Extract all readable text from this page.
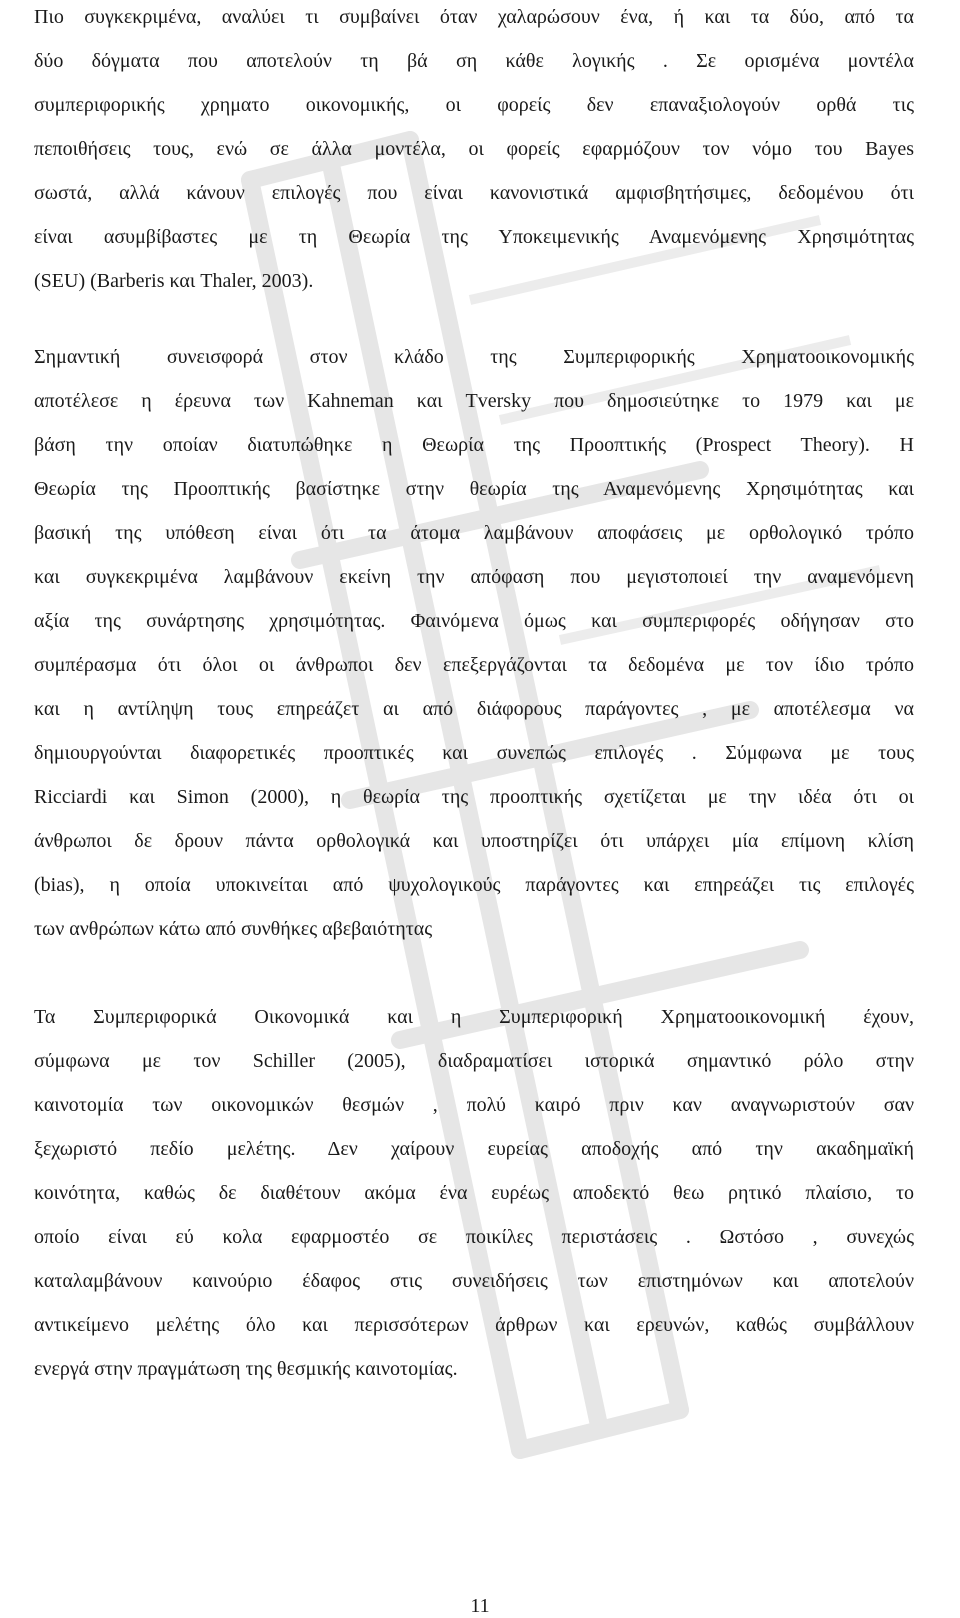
Πιο συγκεκριμένα, αναλύει τι συμβαίνει όταν χαλαρώσουν ένα, ή και τα δύο, από τα
δύο δόγματα που αποτελούν τη βά ση κάθε λογικής . Σε ορισμένα μοντέλα
συμπεριφορικής χρηματο οικονομικής, οι φορείς δεν επαναξιολογούν ορθά τις
πεποιθήσεις τους, ενώ σε άλλα μοντέλα, οι φορείς εφαρμόζουν τον νόμο του Bayes
σωστά, αλλά κάνουν επιλογές που είναι κανονιστικά αμφισβητήσιμες, δεδομένου ότι
είναι ασυμβίβαστες με τη Θεωρία της Υποκειμενικής Αναμενόμενης Χρησιμότητας
(SEU) (Barberis και Thaler, 2003).
Σημαντική συνεισφορά στον κλάδο της Συμπεριφορικής Χρηματοοικονομικής
αποτέλεσε η έρευνα των Kahneman και Tversky που δημοσιεύτηκε το 1979 και με
βάση την οποίαν διατυπώθηκε η Θεωρία της Προοπτικής (Prospect Theory). Η
Θεωρία της Προοπτικής βασίστηκε στην θεωρία της Αναμενόμενης Χρησιμότητας και
βασική της υπόθεση είναι ότι τα άτομα λαμβάνουν αποφάσεις με ορθολογικό τρόπο
και συγκεκριμένα λαμβάνουν εκείνη την απόφαση που μεγιστοποιεί την αναμενόμενη
αξία της συνάρτησης χρησιμότητας. Φαινόμενα όμως και συμπεριφορές οδήγησαν στο
συμπέρασμα ότι όλοι οι άνθρωποι δεν επεξεργάζονται τα δεδομένα με τον ίδιο τρόπο
και η αντίληψη τους επηρεάζετ αι από διάφορους παράγοντες , με αποτέλεσμα να
δημιουργούνται διαφορετικές προοπτικές και συνεπώς επιλογές . Σύμφωνα με τους
Ricciardi και Simon (2000), η θεωρία της προοπτικής σχετίζεται με την ιδέα ότι οι
άνθρωποι δε δρουν πάντα ορθολογικά και υποστηρίζει ότι υπάρχει μία επίμονη κλίση
(bias), η οποία υποκινείται από ψυχολογικούς παράγοντες και επηρεάζει τις επιλογές
των ανθρώπων κάτω από συνθήκες αβεβαιότητας
Τα Συμπεριφορικά Οικονομικά και η Συμπεριφορική Χρηματοοικονομική έχουν,
σύμφωνα με τον Schiller (2005), διαδραματίσει ιστορικά σημαντικό ρόλο στην
καινοτομία των οικονομικών θεσμών , πολύ καιρό πριν καν αναγνωριστούν σαν
ξεχωριστό πεδίο μελέτης. Δεν χαίρουν ευρείας αποδοχής από την ακαδημαϊκή
κοινότητα, καθώς δε διαθέτουν ακόμα ένα ευρέως αποδεκτό θεω ρητικό πλαίσιο, το
οποίο είναι εύ κολα εφαρμοστέο σε ποικίλες περιστάσεις . Ωστόσο , συνεχώς
καταλαμβάνουν καινούριο έδαφος στις συνειδήσεις των επιστημόνων και αποτελούν
αντικείμενο μελέτης όλο και περισσότερων άρθρων και ερευνών, καθώς συμβάλλουν
ενεργά στην πραγμάτωση της θεσμικής καινοτομίας.
11
